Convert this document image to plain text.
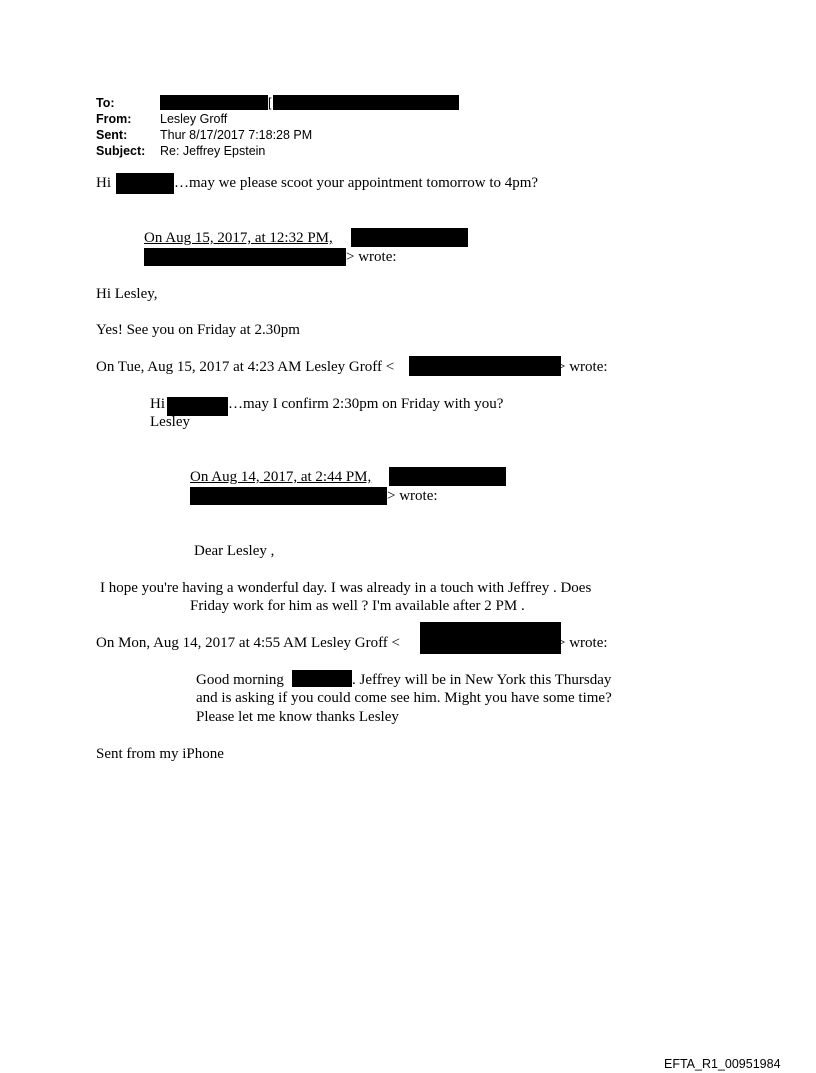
To:	[
From: Lesley Groff
Sent:	Thur 8/17/2017 7:18:28 PM
Subject: Re: Jeffrey Epstein
Hi	…may we please scoot your appointment tomorrow to 4pm?
On Aug 15, 2017, at 12:32 PM,
> wrote:
Hi Lesley,
Yes! See you on Friday at 2.30pm
On Tue, Aug 15, 2017 at 4:23 AM Lesley Groff <	> wrote:
Hi	…may I confirm 2:30pm on Friday with you?
Lesley
On Aug 14, 2017, at 2:44 PM,
> wrote:
Dear Lesley ,
I hope you're having a wonderful day. I was already in a touch with Jeffrey . Does
Friday work for him as well ? I'm available after 2 PM .
On Mon, Aug 14, 2017 at 4:55 AM Lesley Groff <	> wrote:
Good morning	. Jeffrey will be in New York this Thursday
and is asking if you could come see him. Might you have some time?
Please let me know thanks Lesley
Sent from my iPhone
EFTA_R1_00951984
